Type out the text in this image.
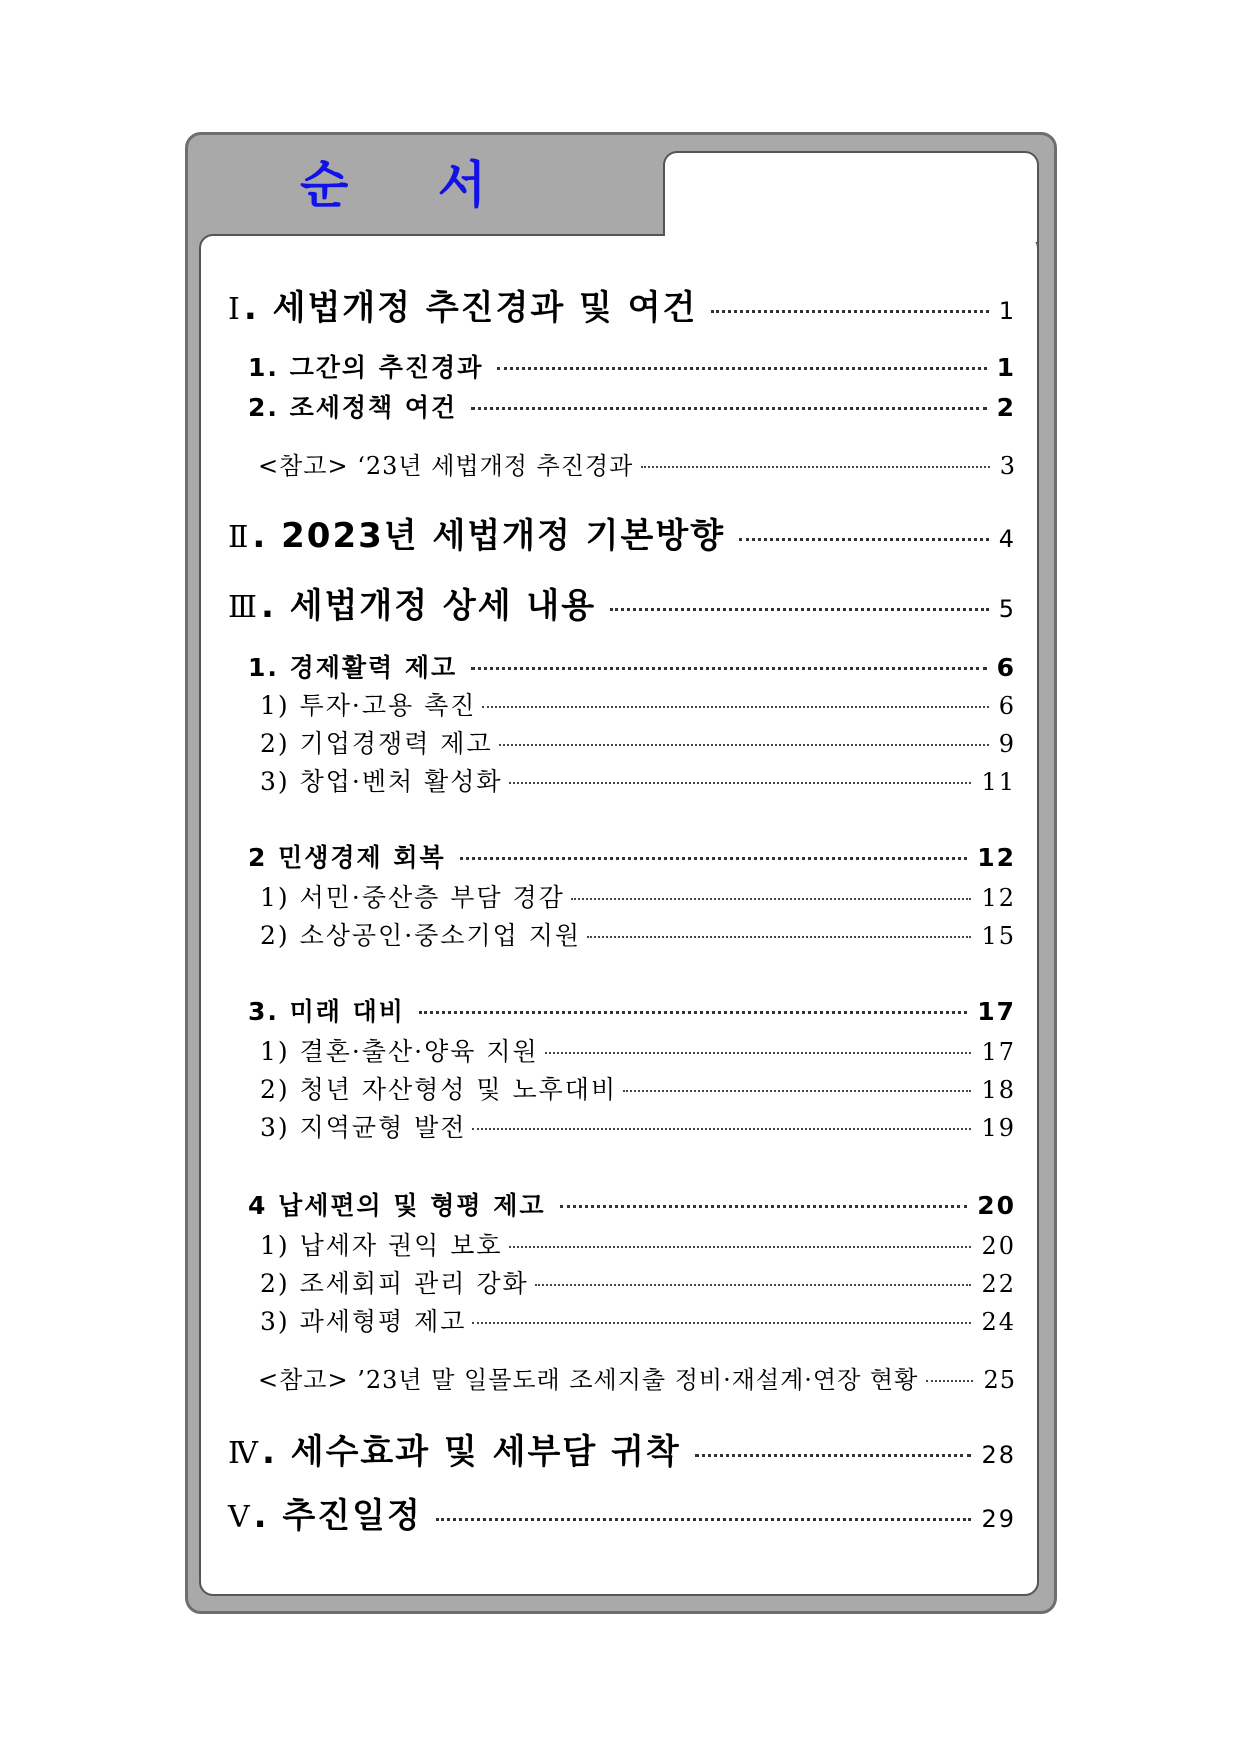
순 서
Ⅰ. 세법개정 추진경과 및 여건	1
1. 그간의 추진경과	1
2. 조세정책 여건	2
<참고> ‘23년 세법개정 추진경과	3
Ⅱ. 2023년 세법개정 기본방향	4
Ⅲ. 세법개정 상세 내용	5
1. 경제활력 제고	6
1) 투자·고용 촉진	6
2) 기업경쟁력 제고	9
3) 창업·벤처 활성화	11
2 민생경제 회복	12
1) 서민·중산층 부담 경감	12
2) 소상공인·중소기업 지원	15
3. 미래 대비	17
1) 결혼·출산·양육 지원	17
2) 청년 자산형성 및 노후대비	18
3) 지역균형 발전	19
4 납세편의 및 형평 제고	20
1) 납세자 권익 보호	20
2) 조세회피 관리 강화	22
3) 과세형평 제고	24
<참고> ’23년 말 일몰도래 조세지출 정비·재설계·연장 현황	25
Ⅳ. 세수효과 및 세부담 귀착	28
Ⅴ. 추진일정	29
